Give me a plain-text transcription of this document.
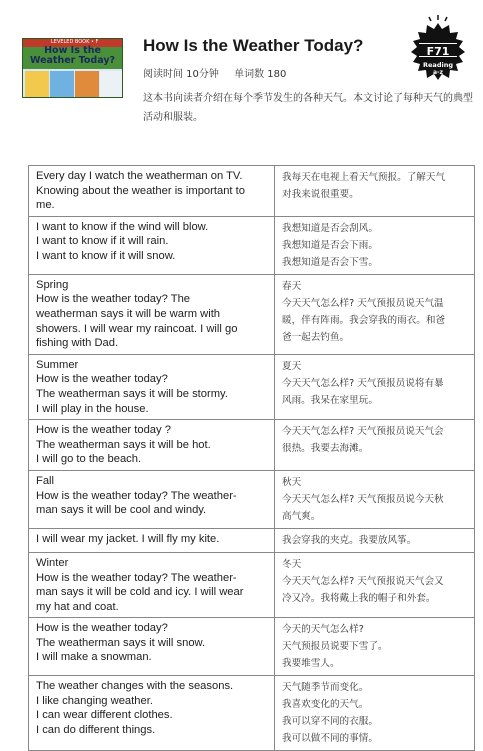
LEVELED BOOK • F
How Is the
Weather Today?
How Is the Weather Today?
阅读时间 10分钟 单词数 180
这本书向读者介绍在每个季节发生的各种天气。本文讨论了每种天气的典型活动和服装。
F71
Reading
a-z
Every day I watch the weatherman on TV.
Knowing about the weather is important to
me.	我每天在电视上看天气预报。了解天气
对我来说很重要。

I want to know if the wind will blow.
I want to know if it will rain.
I want to know if it will snow.	我想知道是否会刮风。
我想知道是否会下雨。
我想知道是否会下雪。

Spring
How is the weather today? The
weatherman says it will be warm with
showers. I will wear my raincoat. I will go
fishing with Dad.	春天
今天天气怎么样? 天气预报员说天气温
暖，伴有阵雨。我会穿我的雨衣。和爸
爸一起去钓鱼。

Summer
How is the weather today?
The weatherman says it will be stormy.
I will play in the house.	夏天
今天天气怎么样? 天气预报员说将有暴
风雨。我呆在家里玩。

How is the weather today ?
The weatherman says it will be hot.
I will go to the beach.	今天天气怎么样? 天气预报员说天气会
很热。我要去海滩。

Fall
How is the weather today? The weather-
man says it will be cool and windy.	秋天
今天天气怎么样? 天气预报员说今天秋
高气爽。

I will wear my jacket. I will fly my kite.	我会穿我的夹克。我要放风筝。

Winter
How is the weather today? The weather-
man says it will be cold and icy. I will wear
my hat and coat.	冬天
今天天气怎么样? 天气预报说天气会又
冷又冷。我将戴上我的帽子和外套。

How is the weather today?
The weatherman says it will snow.
I will make a snowman.	今天的天气怎么样?
天气预报员说要下雪了。
我要堆雪人。

The weather changes with the seasons.
I like changing weather.
I can wear different clothes.
I can do different things.	天气随季节而变化。
我喜欢变化的天气。
我可以穿不同的衣服。
我可以做不同的事情。
